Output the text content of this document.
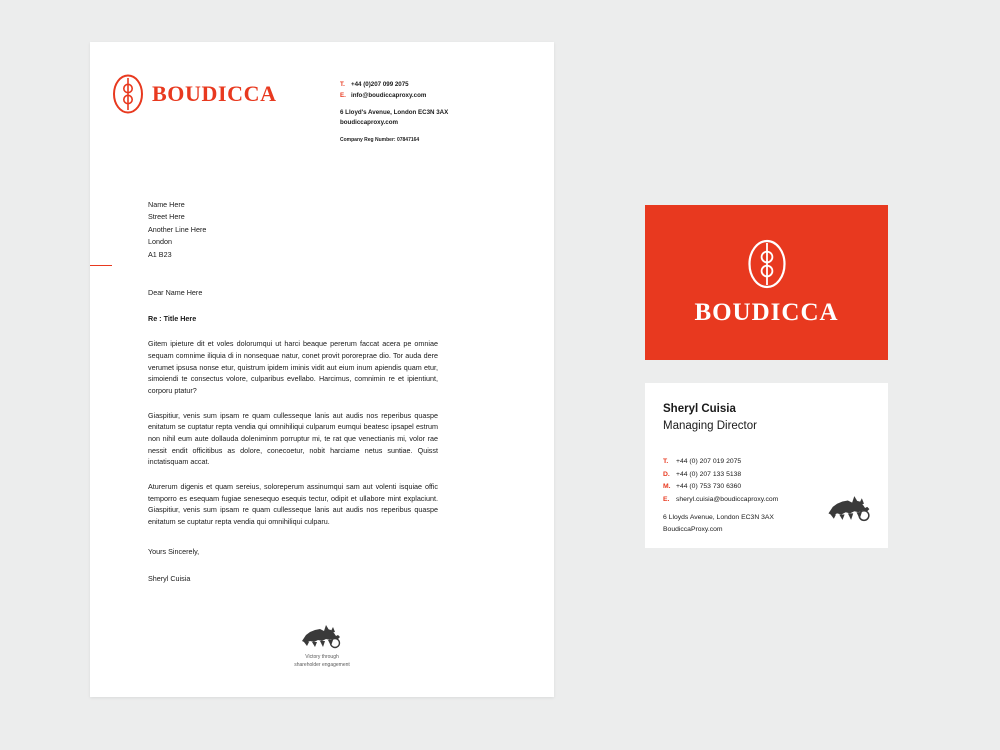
BOUDICCA	T. +44 (0)207 099 2075
E. info@boudiccaproxy.com
6 Lloyd's Avenue, London EC3N 3AX
boudiccaproxy.com
Company Reg Number: 07847164
Name Here
Street Here
Another Line Here
London
A1 B23
Dear Name Here
Re : Title Here

Gitem ipieture dit et voles dolorumqui ut harci beaque pererum faccat acera pe omniae sequam comnime iliquia di in nonsequae natur, conet provit pororeprae dio. Tor auda dere verumet ipsusa nonse etur, quistrum ipidem iminis vidit aut eium inum apiendis quam etur, simoiendi te consectus volore, culparibus evellabo. Harcimus, comnimin re et ipientiunt, corporu ptatur?

Giaspitiur, venis sum ipsam re quam cullesseque lanis aut audis nos reperibus quaspe enitatum se cuptatur repta vendia qui omnihiliqui culparum eumqui beatesc ipsapel estrum non nihil eum aute dollauda doleniminm porruptur mi, te rat que venectianis mi, volor rae nessit endit officitibus as dolore, conecoetur, nobit harciame netus suntiae. Quisst inctatisquam accat.

Aturerum digenis et quam sereius, soloreperum assinumqui sam aut volenti isquiae offic temporro es esequam fugiae senesequo esequis tectur, odipit et ullabore mint explaciunt. Giaspitiur, venis sum ipsam re quam cullesseque lanis aut audis nos reperibus quaspe enitatum se cuptatur repta vendia qui omnihiliqui culparu.

Yours Sincerely,
Sheryl Cuisia
Victory through
shareholder engagement
BOUDICCA
Sheryl Cuisia
Managing Director
T.	+44 (0) 207 019 2075
D. +44 (0) 207 133 5138
M. +44 (0) 753 730 6360
E. sheryl.cuisia@boudiccaproxy.com
6 Lloyds Avenue, London EC3N 3AX
BoudiccaProxy.com
